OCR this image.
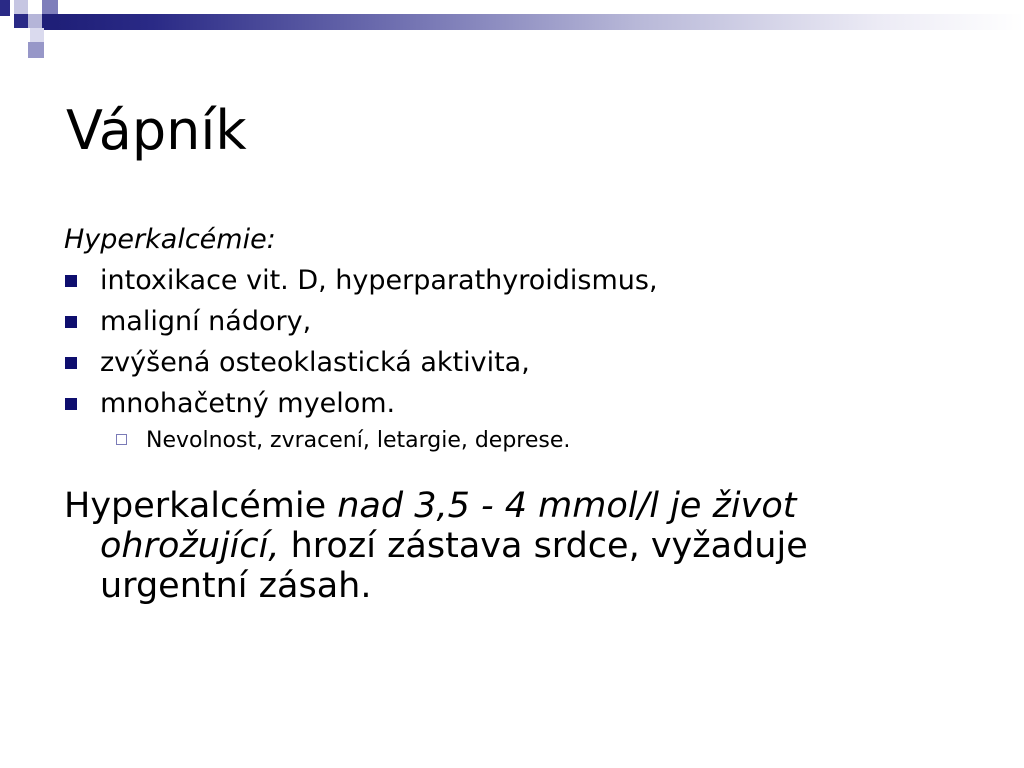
Vápník

Hyperkalcémie:

intoxikace vit. D, hyperparathyroidismus,
maligní nádory,
zvýšená osteoklastická aktivita,
mnohačetný myelom.
Nevolnost, zvracení, letargie, deprese.

Hyperkalcémie nad 3,5 - 4 mmol/l je život ohrožující, hrozí zástava srdce, vyžaduje urgentní zásah.
